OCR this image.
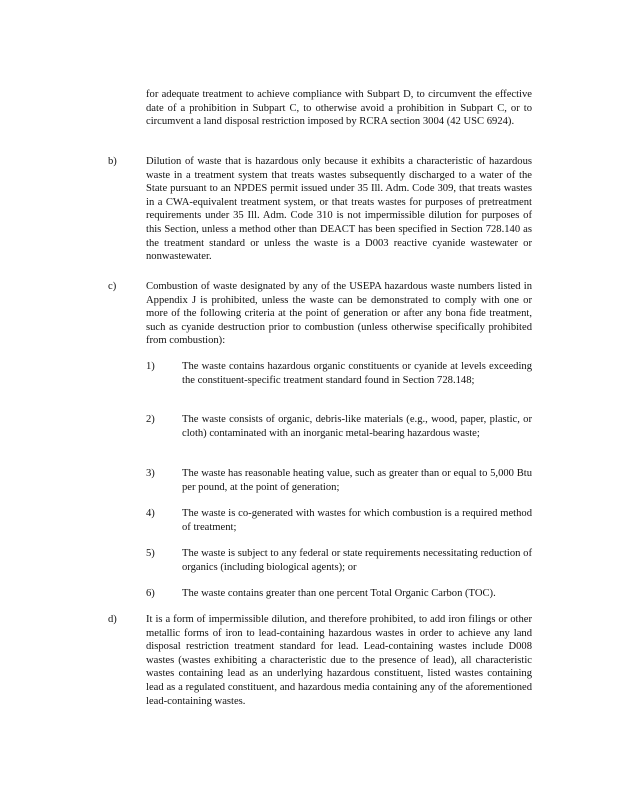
for adequate treatment to achieve compliance with Subpart D, to circumvent the effective date of a prohibition in Subpart C, to otherwise avoid a prohibition in Subpart C, or to circumvent a land disposal restriction imposed by RCRA section 3004 (42 USC 6924).
b)	Dilution of waste that is hazardous only because it exhibits a characteristic of hazardous waste in a treatment system that treats wastes subsequently discharged to a water of the State pursuant to an NPDES permit issued under 35 Ill. Adm. Code 309, that treats wastes in a CWA-equivalent treatment system, or that treats wastes for purposes of pretreatment requirements under 35 Ill. Adm. Code 310 is not impermissible dilution for purposes of this Section, unless a method other than DEACT has been specified in Section 728.140 as the treatment standard or unless the waste is a D003 reactive cyanide wastewater or nonwastewater.
c)	Combustion of waste designated by any of the USEPA hazardous waste numbers listed in Appendix J is prohibited, unless the waste can be demonstrated to comply with one or more of the following criteria at the point of generation or after any bona fide treatment, such as cyanide destruction prior to combustion (unless otherwise specifically prohibited from combustion):
1)	The waste contains hazardous organic constituents or cyanide at levels exceeding the constituent-specific treatment standard found in Section 728.148;
2)	The waste consists of organic, debris-like materials (e.g., wood, paper, plastic, or cloth) contaminated with an inorganic metal-bearing hazardous waste;
3)	The waste has reasonable heating value, such as greater than or equal to 5,000 Btu per pound, at the point of generation;
4)	The waste is co-generated with wastes for which combustion is a required method of treatment;
5)	The waste is subject to any federal or state requirements necessitating reduction of organics (including biological agents); or
6)	The waste contains greater than one percent Total Organic Carbon (TOC).
d)	It is a form of impermissible dilution, and therefore prohibited, to add iron filings or other metallic forms of iron to lead-containing hazardous wastes in order to achieve any land disposal restriction treatment standard for lead. Lead-containing wastes include D008 wastes (wastes exhibiting a characteristic due to the presence of lead), all characteristic wastes containing lead as an underlying hazardous constituent, listed wastes containing lead as a regulated constituent, and hazardous media containing any of the aforementioned lead-containing wastes.
